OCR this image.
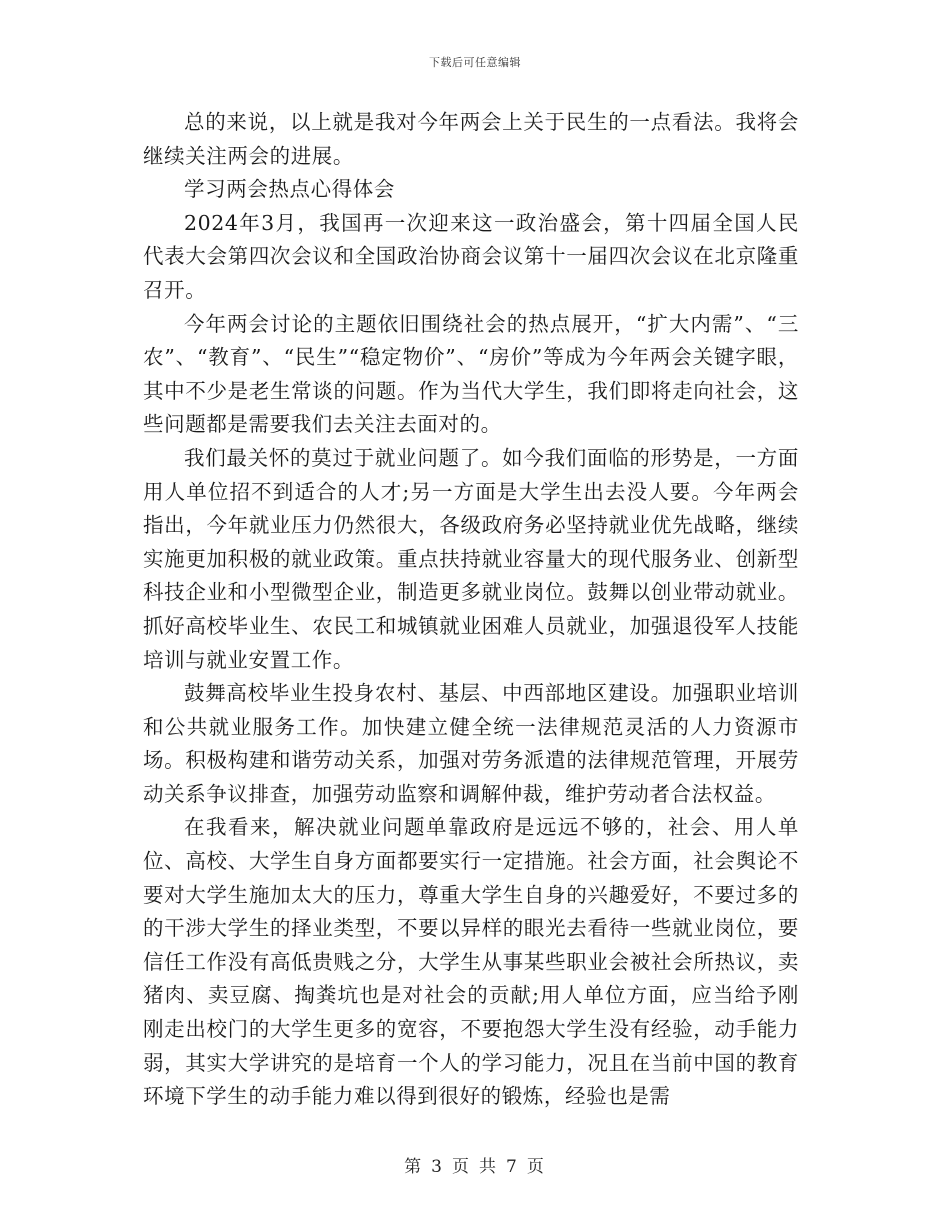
下载后可任意编辑

总的来说，以上就是我对今年两会上关于民生的一点看法。我将会继续关注两会的进展。

学习两会热点心得体会

2024年3月，我国再一次迎来这一政治盛会，第十四届全国人民代表大会第四次会议和全国政治协商会议第十一届四次会议在北京隆重召开。

今年两会讨论的主题依旧围绕社会的热点展开，“扩大内需”、“三农”、“教育”、“民生”“稳定物价”、“房价”等成为今年两会关键字眼，其中不少是老生常谈的问题。作为当代大学生，我们即将走向社会，这些问题都是需要我们去关注去面对的。

我们最关怀的莫过于就业问题了。如今我们面临的形势是，一方面用人单位招不到适合的人才;另一方面是大学生出去没人要。今年两会指出，今年就业压力仍然很大，各级政府务必坚持就业优先战略，继续实施更加积极的就业政策。重点扶持就业容量大的现代服务业、创新型科技企业和小型微型企业，制造更多就业岗位。鼓舞以创业带动就业。抓好高校毕业生、农民工和城镇就业困难人员就业，加强退役军人技能培训与就业安置工作。

鼓舞高校毕业生投身农村、基层、中西部地区建设。加强职业培训和公共就业服务工作。加快建立健全统一法律规范灵活的人力资源市场。积极构建和谐劳动关系，加强对劳务派遣的法律规范管理，开展劳动关系争议排查，加强劳动监察和调解仲裁，维护劳动者合法权益。

在我看来，解决就业问题单靠政府是远远不够的，社会、用人单位、高校、大学生自身方面都要实行一定措施。社会方面，社会舆论不要对大学生施加太大的压力，尊重大学生自身的兴趣爱好，不要过多的的干涉大学生的择业类型，不要以异样的眼光去看待一些就业岗位，要信任工作没有高低贵贱之分，大学生从事某些职业会被社会所热议，卖猪肉、卖豆腐、掏粪坑也是对社会的贡献;用人单位方面，应当给予刚刚走出校门的大学生更多的宽容，不要抱怨大学生没有经验，动手能力弱，其实大学讲究的是培育一个人的学习能力，况且在当前中国的教育环境下学生的动手能力难以得到很好的锻炼，经验也是需

第 3 页 共 7 页
